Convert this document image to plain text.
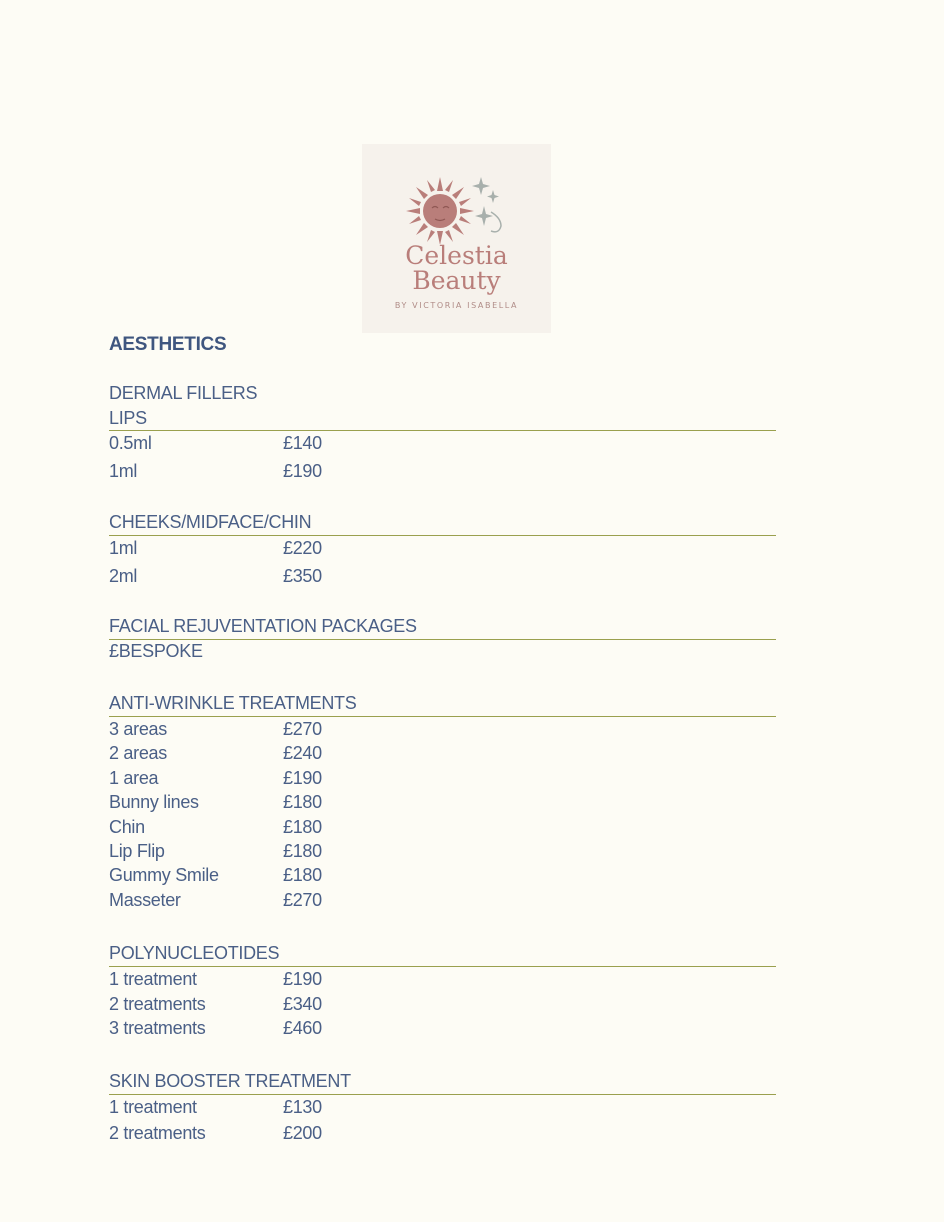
Celestia
Beauty
BY VICTORIA ISABELLA
AESTHETICS
DERMAL FILLERS
LIPS
0.5ml	£140
1ml	£190
CHEEKS/MIDFACE/CHIN
1ml	£220
2ml	£350
FACIAL REJUVENTATION PACKAGES
£BESPOKE
ANTI-WRINKLE TREATMENTS
3 areas	£270
2 areas	£240
1 area	£190
Bunny lines	£180
Chin	£180
Lip Flip	£180
Gummy Smile	£180
Masseter	£270
POLYNUCLEOTIDES
1 treatment	£190
2 treatments	£340
3 treatments	£460
SKIN BOOSTER TREATMENT
1 treatment	£130
2 treatments	£200
